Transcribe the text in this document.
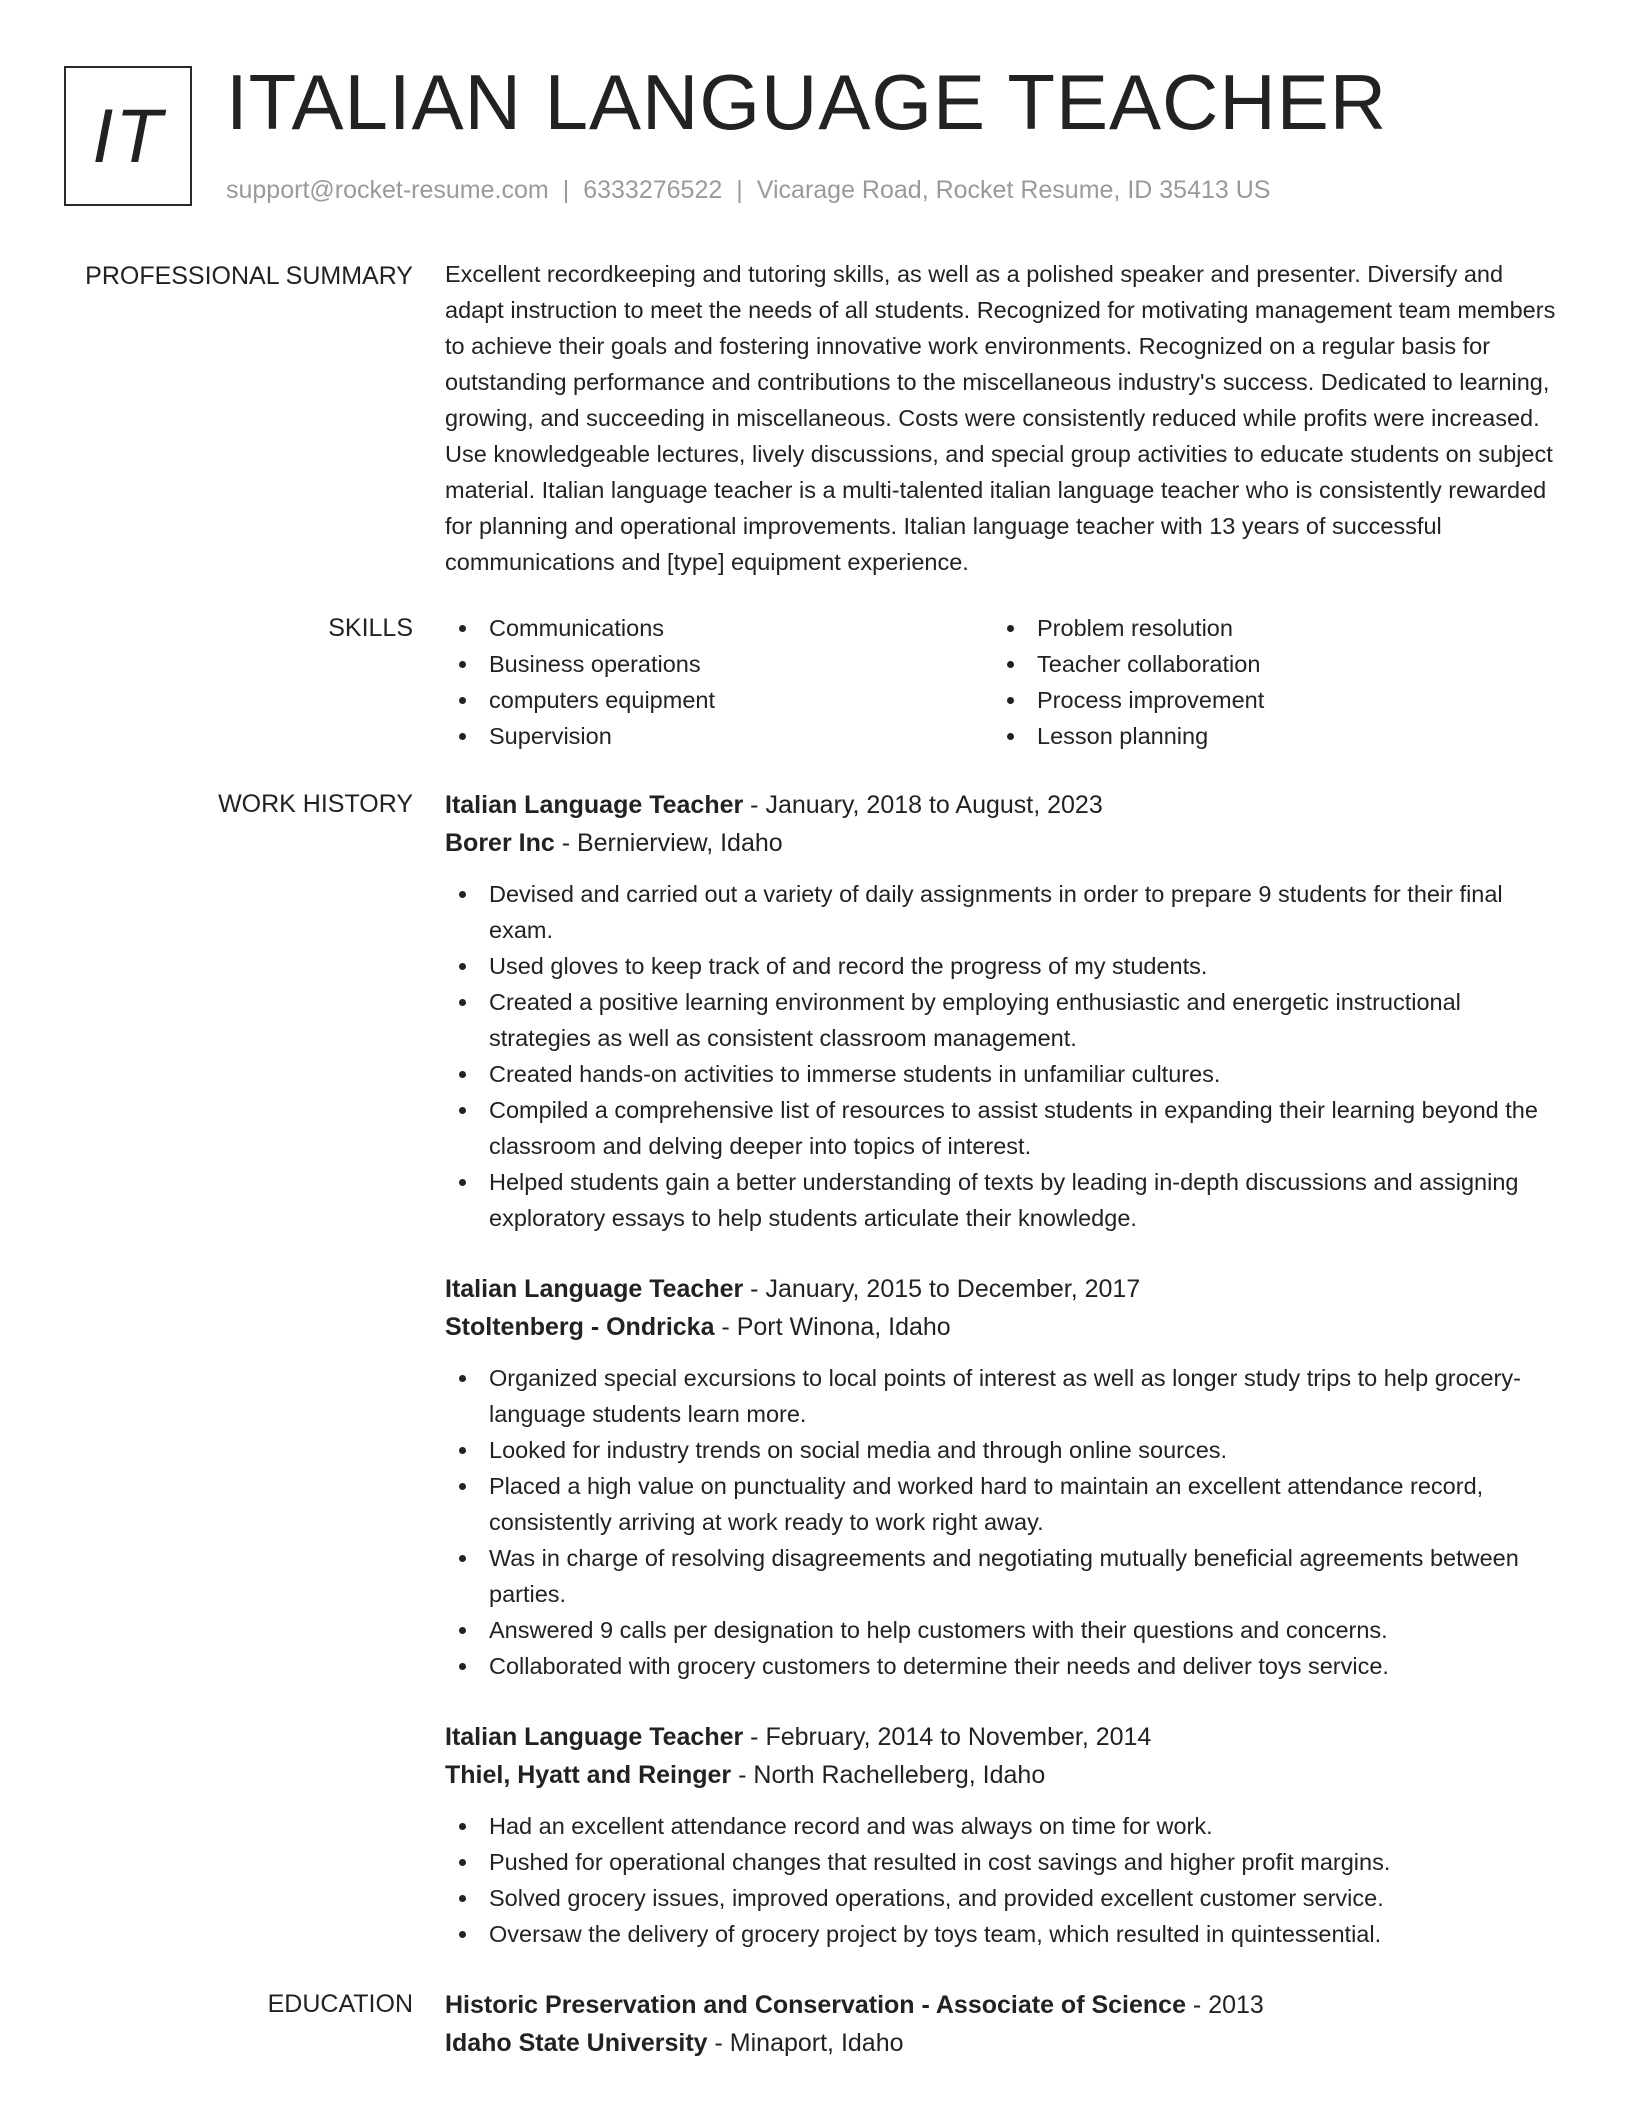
IT ITALIAN LANGUAGE TEACHER
support@rocket-resume.com | 6333276522 | Vicarage Road, Rocket Resume, ID 35413 US
PROFESSIONAL SUMMARY Excellent recordkeeping and tutoring skills, as well as a polished speaker and presenter. Diversify and adapt instruction to meet the needs of all students. Recognized for motivating management team members to achieve their goals and fostering innovative work environments. Recognized on a regular basis for outstanding performance and contributions to the miscellaneous industry's success. Dedicated to learning, growing, and succeeding in miscellaneous. Costs were consistently reduced while profits were increased. Use knowledgeable lectures, lively discussions, and special group activities to educate students on subject material. Italian language teacher is a multi-talented italian language teacher who is consistently rewarded for planning and operational improvements. Italian language teacher with 13 years of successful communications and [type] equipment experience.

SKILLS	Communications
Business operations
computers equipment
Supervision
Problem resolution
Teacher collaboration
Process improvement
Lesson planning
WORK HISTORY Italian Language Teacher - January, 2018 to August, 2023
Borer Inc - Bernierview, Idaho
Devised and carried out a variety of daily assignments in order to prepare 9 students for their final exam.
Used gloves to keep track of and record the progress of my students.
Created a positive learning environment by employing enthusiastic and energetic instructional strategies as well as consistent classroom management.
Created hands-on activities to immerse students in unfamiliar cultures.
Compiled a comprehensive list of resources to assist students in expanding their learning beyond the classroom and delving deeper into topics of interest.
Helped students gain a better understanding of texts by leading in-depth discussions and assigning exploratory essays to help students articulate their knowledge.
Italian Language Teacher - January, 2015 to December, 2017
Stoltenberg - Ondricka - Port Winona, Idaho
Organized special excursions to local points of interest as well as longer study trips to help grocery-language students learn more.
Looked for industry trends on social media and through online sources.
Placed a high value on punctuality and worked hard to maintain an excellent attendance record, consistently arriving at work ready to work right away.
Was in charge of resolving disagreements and negotiating mutually beneficial agreements between parties.
Answered 9 calls per designation to help customers with their questions and concerns.
Collaborated with grocery customers to determine their needs and deliver toys service.
Italian Language Teacher - February, 2014 to November, 2014
Thiel, Hyatt and Reinger - North Rachelleberg, Idaho
Had an excellent attendance record and was always on time for work.
Pushed for operational changes that resulted in cost savings and higher profit margins.
Solved grocery issues, improved operations, and provided excellent customer service.
Oversaw the delivery of grocery project by toys team, which resulted in quintessential.
EDUCATION Historic Preservation and Conservation - Associate of Science - 2013
Idaho State University - Minaport, Idaho
